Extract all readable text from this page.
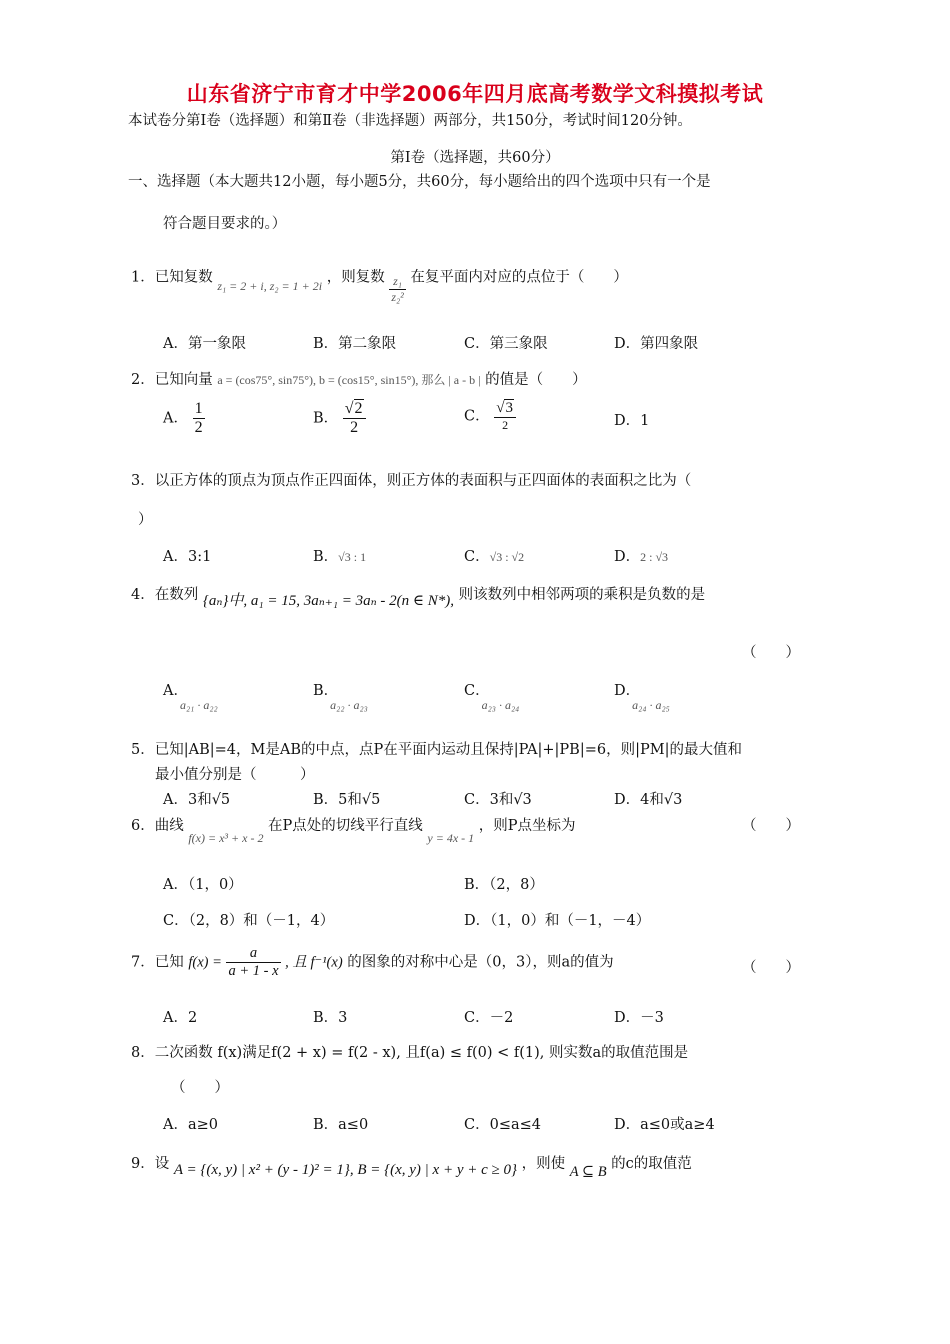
山东省济宁市育才中学2006年四月底高考数学文科摸拟考试
本试卷分第Ⅰ卷（选择题）和第Ⅱ卷（非选择题）两部分，共150分，考试时间120分钟。
第Ⅰ卷（选择题，共60分）
一、选择题（本大题共12小题，每小题5分，共60分，每小题给出的四个选项中只有一个是
符合题目要求的。）
1．已知复数 $_{z_1 = 2 + i, z_2 = 1 + 2i}$ ，则复数 $\frac{\text{z₁}}{\text{z₂²}}$ 在复平面内对应的点位于（　　）
A．第一象限	B．第二象限	C．第三象限	D．第四象限
2．已知向量 a = (cos75°, sin75°), b = (cos15°, sin15°), 那么 | a - b | 的值是（　　）
A． $\frac{1}{2}$	B． $\frac{√2}{2}$	C． $\frac{√3}{2}$	D．1
3．以正方体的顶点为顶点作正四面体，则正方体的表面积与正四面体的表面积之比为（
）
A．3:1	B．√3 : 1	C．√3 : √2	D．2 : √3
4．在数列 {aₙ}中, a₁ = 15, 3aₙ₊₁ = 3aₙ - 2(n ∈ N*), 则该数列中相邻两项的乘积是负数的是
（　　）
A．$_{a_{21} \cdot a_{22}}$
B．$_{a_{22} \cdot a_{23}}$
C．$_{a_{23} \cdot a_{24}}$
D．$_{a_{24} \cdot a_{25}}$
5．已知|AB|=4，M是AB的中点，点P在平面内运动且保持|PA|+|PB|=6，则|PM|的最大值和
最小值分别是（　　　）
A．3和√5	B．5和√5	C．3和√3	D．4和√3
6．曲线 $_{f(x) = x^3 + x - 2}$ 在P点处的切线平行直线 $_{y = 4x - 1}$ ，则P点坐标为	（　　）
A．（1，0）	B．（2，8）
C．（2，8）和（－1，4）	D．（1，0）和（－1，－4）
7．已知 $f(x) = \frac{a}{a + 1 - x}$ , 且 f⁻¹(x) 的图象的对称中心是（0，3），则a的值为	（　　）
A．2	B．3	C．－2	D．－3
8．二次函数 f(x)满足f(2 + x) = f(2 - x), 且f(a) ≤ f(0) < f(1), 则实数a的取值范围是
（　　）
A．a≥0	B．a≤0	C．0≤a≤4	D．a≤0或a≥4
9．设 A = {(x, y) | x² + (y - 1)² = 1}, B = {(x, y) | x + y + c ≥ 0} ，则使 A ⊆ B 的c的取值范
